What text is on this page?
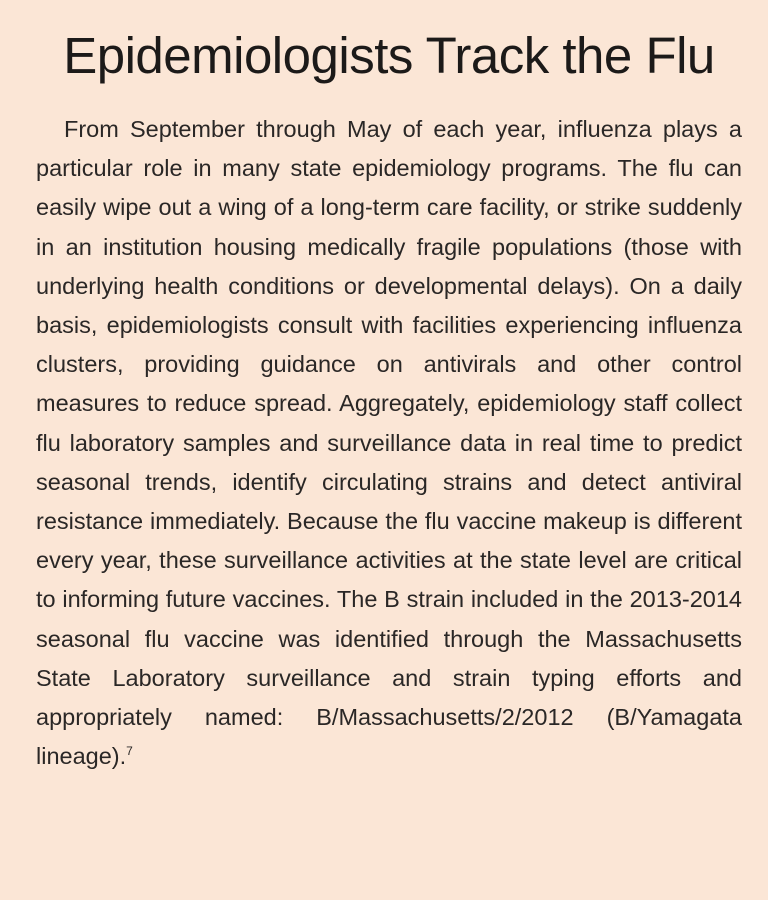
Epidemiologists Track the Flu

From September through May of each year, influenza plays a particular role in many state epidemiology programs. The flu can easily wipe out a wing of a long-term care facility, or strike suddenly in an institution housing medically fragile populations (those with underlying health conditions or developmental delays). On a daily basis, epidemiologists consult with facilities experiencing influenza clusters, providing guidance on antivirals and other control measures to reduce spread. Aggregately, epidemiology staff collect flu laboratory samples and surveillance data in real time to predict seasonal trends, identify circulating strains and detect antiviral resistance immediately. Because the flu vaccine makeup is different every year, these surveillance activities at the state level are critical to informing future vaccines. The B strain included in the 2013-2014 seasonal flu vaccine was identified through the Massachusetts State Laboratory surveillance and strain typing efforts and appropriately named: B/Massachusetts/2/2012 (B/Yamagata lineage).$^7$
